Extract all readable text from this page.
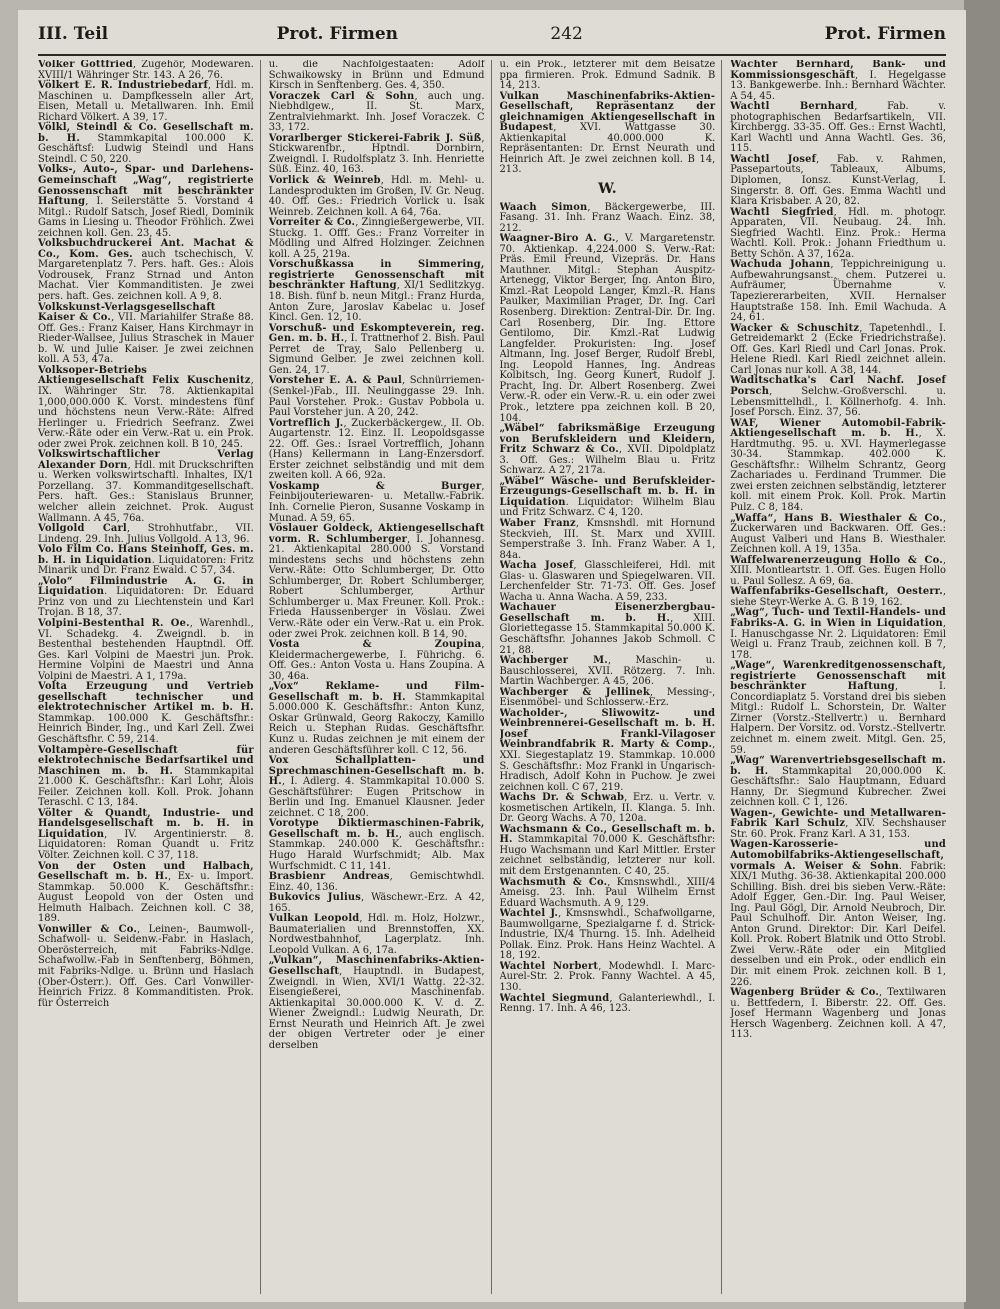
III. Teil	Prot. Firmen	242	Prot. Firmen

Völker Gottfried, Zugehör, Modewaren. XVIII/1 Währinger Str. 143. A 26, 76.

Völkert E. R. Industriebedarf, Hdl. m. Maschinen u. Dampfkesseln aller Art, Eisen, Metall u. Metallwaren. Inh. Emil Richard Völkert. A 39, 17.

Völkl, Steindl & Co. Gesellschaft m. b. H. Stammkapital 100.000 K. Geschäftsf: Ludwig Steindl und Hans Steindl. C 50, 220.

Volks-, Auto-, Spar- und Darlehens-Gemeinschaft „Wag“, registrierte Genossenschaft mit beschränkter Haftung, I. Seilerstätte 5. Vorstand 4 Mitgl.: Rudolf Satsch, Josef Riedl, Dominik Gams in Liesing u. Theodor Fröhlich. Zwei zeichnen koll. Gen. 23, 45.

Volksbuchdruckerei Ant. Machat & Co., Kom. Ges. auch tschechisch, V. Margaretenplatz 7. Pers. haft. Ges.: Alois Vodrousek, Franz Strnad und Anton Machat. Vier Kommanditisten. Je zwei pers. haft. Ges. zeichnen koll. A 9, 8.

Volkskunst-Verlagsgesellschaft Kaiser & Co., VII. Mariahilfer Straße 88. Off. Ges.: Franz Kaiser, Hans Kirchmayr in Rieder-Wallsee, Julius Straschek in Mauer b. W. und Julie Kaiser. Je zwei zeichnen koll. A 53, 47a.

Volksoper-Betriebs Aktiengesellschaft Felix Kuschenitz, IX. Währinger Str. 78. Aktienkapital 1,000,000.000 K. Vorst. mindestens fünf und höchstens neun Verw.-Räte: Alfred Herlinger u. Friedrich Seefranz. Zwei Verw.-Räte oder ein Verw.-Rat u. ein Prok. oder zwei Prok. zeichnen koll. B 10, 245.

Volkswirtschaftlicher Verlag Alexander Dorn, Hdl. mit Druckschriften u. Werken volkswirtschaftl. Inhaltes, IX/1 Porzellang. 37. Kommanditgesellschaft. Pers. haft. Ges.: Stanislaus Brunner, welcher allein zeichnet. Prok. August Wallmann. A 45, 76a.

Vollgold Carl, Strohhutfabr., VII. Lindeng. 29. Inh. Julius Vollgold. A 13, 96.

Volo Film Co. Hans Steinhoff, Ges. m. b. H. in Liquidation. Liquidatoren: Fritz Minarik und Dr. Franz Ewald. C 57, 34.

„Volo“ Filmindustrie A. G. in Liquidation. Liquidatoren: Dr. Eduard Prinz von und zu Liechtenstein und Karl Trojan. B 18, 37.

Volpini-Bestenthal R. Oe., Warenhdl., VI. Schadekg. 4. Zweigndl. b. in Bestenthal bestehenden Hauptndl. Off. Ges. Karl Volpini de Maestri jun. Prok. Hermine Volpini de Maestri und Anna Volpini de Maestri. A 1, 179a.

Volta Erzeugung und Vertrieb gesellschaft technischer und elektrotechnischer Artikel m. b. H. Stammkap. 100.000 K. Geschäftsfhr.: Heinrich Binder, Ing., und Karl Zell. Zwei Geschäftsfhr. C 59, 214.

Voltampère-Gesellschaft für elektrotechnische Bedarfsartikel und Maschinen m. b. H. Stammkapital 21.000 K. Geschäftsfhr.: Karl Lohr, Alois Feiler. Zeichnen koll. Koll. Prok. Johann Teraschl. C 13, 184.

Völter & Quandt, Industrie- und Handelsgesellschaft m. b. H. in Liquidation, IV. Argentinierstr. 8. Liquidatoren: Roman Quandt u. Fritz Völter. Zeichnen koll. C 37, 118.

Von der Osten und Halbach, Gesellschaft m. b. H., Ex- u. Import. Stammkap. 50.000 K. Geschäftsfhr.: August Leopold von der Osten und Helmuth Halbach. Zeichnen koll. C 38, 189.

Vonwiller & Co., Leinen-, Baumwoll-, Schafwoll- u. Seidenw.-Fabr. in Haslach, Oberösterreich, mit Fabriks-Ndlge. Schafwollw.-Fab in Senftenberg, Böhmen, mit Fabriks-Ndlge. u. Brünn und Haslach (Ober-Österr.). Off. Ges. Carl Vonwiller-Heinrich Frizz. 8 Kommanditisten. Prok. für Österreich

u. die Nachfolgestaaten: Adolf Schwaikowsky in Brünn und Edmund Kirsch in Senftenberg. Ges. 4, 350.

Voraczek Carl & Sohn, auch ung. Niebhdlgew., II. St. Marx, Zentralviehmarkt. Inh. Josef Voraczek. C 33, 172.

Vorarlberger Stickerei-Fabrik J. Süß, Stickwarenfbr., Hptndl. Dornbirn, Zweigndl. I. Rudolfsplatz 3. Inh. Henriette Süß. Einz. 40, 163.

Vorlick & Weinreb, Hdl. m. Mehl- u. Landesprodukten im Großen, IV. Gr. Neug. 40. Off. Ges.: Friedrich Vorlick u. Isak Weinreb. Zeichnen koll. A 64, 76a.

Vorreiter & Co., Zinngießergewerbe, VII. Stuckg. 1. Offf. Ges.: Franz Vorreiter in Mödling und Alfred Holzinger. Zeichnen koll. A 25, 219a.

Vorschußkassa in Simmering, registrierte Genossenschaft mit beschränkter Haftung, XI/1 Sedlitzkyg. 18. Bish. fünf b. neun Mitgl.: Franz Hurda, Anton Zure, Jaroslav Kabelac u. Josef Kincl. Gen. 12, 10.

Vorschuß- und Eskompteverein, reg. Gen. m. b. H., I. Trattnerhof 2. Bish. Paul Perret de Tray, Salo Pellenberg u. Sigmund Gelber. Je zwei zeichnen koll. Gen. 24, 17.

Vorsteher E. A. & Paul, Schnürriemen-(Senkel-)Fab., III. Neulinggasse 29. Inh. Paul Vorsteher. Prok.: Gustav Pobbola u. Paul Vorsteher jun. A 20, 242.

Vortreflich J., Zuckerbäckergew., II. Ob. Augartenstr. 12. Einz. II. Leopoldsgasse 22. Off. Ges.: Israel Vortrefflich, Johann (Hans) Kellermann in Lang-Enzersdorf. Erster zeichnet selbständig und mit dem zweiten koll. A 66, 92a.

Voskamp & Burger, Feinbijouteriewaren- u. Metallw.-Fabrik. Inh. Cornelie Pieron, Susanne Voskamp in Munad. A 59, 65.

Vöslauer Goldeck, Aktiengesellschaft vorm. R. Schlumberger, I. Johannesg. 21. Aktienkapital 280.000 S. Vorstand mindestens sechs und höchstens zehn Verw.-Räte: Otto Schlumberger, Dr. Otto Schlumberger, Dr. Robert Schlumberger, Robert Schlumberger, Arthur Schlumberger u. Max Freuner. Koll. Prok.: Frieda Haussenberger in Vöslau. Zwei Verw.-Räte oder ein Verw.-Rat u. ein Prok. oder zwei Prok. zeichnen koll. B 14, 90.

Vosta & Zoupina, Kleidermachergewerbe, I. Führichg. 6. Off. Ges.: Anton Vosta u. Hans Zoupina. A 30, 46a.

„Vox“ Reklame- und Film-Gesellschaft m. b. H. Stammkapital 5.000.000 K. Geschäftsfhr.: Anton Kunz, Oskar Grünwald, Georg Rakoczy, Kamillo Reich u. Stephan Rudas. Geschäftsfhr. Kunz u. Rudas zeichnen je mit einem der anderen Geschäftsführer koll. C 12, 56.

Vox Schallplatten- und Sprechmaschinen-Gesellschaft m. b. H., I. Adlerg. 4. Stammkapital 10.000 S. Geschäftsführer: Eugen Pritschow in Berlin und Ing. Emanuel Klausner. Jeder zeichnet. C 18, 200.

Vorotype Diktiermaschinen-Fabrik, Gesellschaft m. b. H., auch englisch. Stammkap. 240.000 K. Geschäftsfhr.: Hugo Harald Wurfschmidt; Alb. Max Wurfschmidt. C 11, 141.

Brasbienr Andreas, Gemischtwhdl. Einz. 40, 136.

Bukovics Julius, Wäschewr.-Erz. A 42, 165.

Vulkan Leopold, Hdl. m. Holz, Holzwr., Baumaterialien und Brennstoffen, XX. Nordwestbahnhof, Lagerplatz. Inh. Leopold Vulkan. A 6, 17a.

„Vulkan“, Maschinenfabriks-Aktien-Gesellschaft, Hauptndl. in Budapest, Zweigndl. in Wien, XVI/1 Wattg. 22-32. Eisengießerei, Maschinenfab. Aktienkapital 30.000.000 K. V. d. Z. Wiener Zweigndl.: Ludwig Neurath, Dr. Ernst Neurath und Heinrich Aft. Je zwei der obigen Vertreter oder je einer derselben

u. ein Prok., letzterer mit dem Beisatze ppa firmieren. Prok. Edmund Sadnik. B 14, 213.

Vulkan Maschinenfabriks-Aktien-Gesellschaft, Repräsentanz der gleichnamigen Aktiengesellschaft in Budapest, XVI. Wattgasse 30. Aktienkapital 40.000.000 K. Repräsentanten: Dr. Ernst Neurath und Heinrich Aft. Je zwei zeichnen koll. B 14, 213.

W.

Waach Simon, Bäckergewerbe, III. Fasang. 31. Inh. Franz Waach. Einz. 38, 212.

Waagner-Biro A. G., V. Margaretenstr. 70. Aktienkap. 4,224.000 S. Verw.-Rat: Präs. Emil Freund, Vizepräs. Dr. Hans Mauthner. Mitgl.: Stephan Auspitz-Artenegg, Viktor Berger, Ing. Anton Biro, Kmzl.-Rat Leopold Langer, Kmzl.-R. Hans Paulker, Maximilian Prager, Dr. Ing. Carl Rosenberg. Direktion: Zentral-Dir. Dr. Ing. Carl Rosenberg, Dir. Ing. Ettore Gentilomo, Dir. Kmzl.-Rat Ludwig Langfelder. Prokuristen: Ing. Josef Altmann, Ing. Josef Berger, Rudolf Brebl, Ing. Leopold Hannes, Ing. Andreas Kolbitsch, Ing. Georg Kunert, Rudolf J. Pracht, Ing. Dr. Albert Rosenberg. Zwei Verw.-R. oder ein Verw.-R. u. ein oder zwei Prok., letztere ppa zeichnen koll. B 20, 104.

„Wäbel“ fabriksmäßige Erzeugung von Berufskleidern und Kleidern, Fritz Schwarz & Co., XVII. Dipoldplatz 3. Off. Ges.: Wilhelm Blau u. Fritz Schwarz. A 27, 217a.

„Wäbel“ Wäsche- und Berufskleider-Erzeugungs-Gesellschaft m. b. H. in Liquidation. Liquidator: Wilhelm Blau und Fritz Schwarz. C 4, 120.

Waber Franz, Kmsnshdl. mit Hornund Steckvieh, III. St. Marx und XVIII. Semperstraße 3. Inh. Franz Waber. A 1, 84a.

Wacha Josef, Glasschleiferei, Hdl. mit Glas- u. Glaswaren und Spiegelwaren. VII. Lerchenfelder Str. 71-73. Off. Ges. Josef Wacha u. Anna Wacha. A 59, 233.

Wachauer Eisenerzbergbau-Gesellschaft m. b. H., XIII. Gloriettegasse 15. Stammkapital 50.000 K. Geschäftsfhr. Johannes Jakob Schmoll. C 21, 88.

Wachberger M., Maschin- u. Bauschlosserei, XVII. Rötzerg. 7. Inh. Martin Wachberger. A 45, 206.

Wachberger & Jellinek, Messing-, Eisenmöbel- und Schlosserw.-Erz.

Wacholder-, Sliwowitz- und Weinbrennerei-Gesellschaft m. b. H. Josef Frankl-Vilagoser Weinbrandfabrik R. Marty & Comp., XXI. Siegestaplatz 19. Stammkap. 10.000 S. Geschäftsfhr.: Moz Frankl in Ungarisch-Hradisch, Adolf Kohn in Puchow. Je zwei zeichnen koll. C 67, 219.

Wachs Dr. & Schwab, Erz. u. Vertr. v. kosmetischen Artikeln, II. Klanga. 5. Inh. Dr. Georg Wachs. A 70, 120a.

Wachsmann & Co., Gesellschaft m. b. H. Stammkapital 70.000 K. Geschäftsfhr: Hugo Wachsmann und Karl Mittler. Erster zeichnet selbständig, letzterer nur koll. mit dem Erstgenannten. C 40, 25.

Wachsmuth & Co., Kmsnswhdl., XIII/4 Ameisg. 23. Inh. Paul Wilhelm Ernst Eduard Wachsmuth. A 9, 129.

Wachtel J., Kmsnswhdl., Schafwollgarne, Baumwollgarne, Spezialgarne f. d. Strick-Industrie, IX/4 Thurng. 15. Inh. Adelheid Pollak. Einz. Prok. Hans Heinz Wachtel. A 18, 192.

Wachtel Norbert, Modewhdl. I. Marc-Aurel-Str. 2. Prok. Fanny Wachtel. A 45, 130.

Wachtel Siegmund, Galanteriewhdl., I. Renng. 17. Inh. A 46, 123.

Wächter Bernhard, Bank- und Kommissionsgeschäft, I. Hegelgasse 13. Bankgewerbe. Inh.: Bernhard Wächter. A 54, 45.

Wachtl Bernhard, Fab. v. photographischen Bedarfsartikeln, VII. Kirchbergg. 33-35. Off. Ges.: Ernst Wachtl, Karl Wachtl und Anna Wachtl. Ges. 36, 115.

Wachtl Josef, Fab. v. Rahmen, Passepartouts, Tableaux, Albums, Diplomen, Ionsz. Kunst-Verlag, I. Singerstr. 8. Off. Ges. Emma Wachtl und Klara Krisbaber. A 20, 82.

Wachtl Siegfried, Hdl. m. photogr. Apparaten, VII. Neubaug. 24. Inh. Siegfried Wachtl. Einz. Prok.: Herma Wachtl. Koll. Prok.: Johann Friedthum u. Betty Schön. A 37, 162a.

Wachuda Johann, Teppichreinigung u. Aufbewahrungsanst., chem. Putzerei u. Aufräumer, Übernahme v. Tapeziererarbeiten, XVII. Hernalser Hauptstraße 158. Inh. Emil Wachuda. A 24, 61.

Wacker & Schuschitz, Tapetenhdl., I. Getreidemarkt 2 (Ecke Friedrichstraße). Off. Ges. Karl Riedl und Carl Jonas. Prok. Helene Riedl. Karl Riedl zeichnet allein. Carl Jonas nur koll. A 38, 144.

Waditschatka's Carl Nachf. Josef Porsch, Selchw.-Großverschl. u. Lebensmittelhdl., I. Köllnerhofg. 4. Inh. Josef Porsch. Einz. 37, 56.

WAF, Wiener Automobil-Fabrik-Aktiengesellschaft m. b. H., X. Hardtmuthg. 95. u. XVI. Haymerlegasse 30-34. Stammkap. 402.000 K. Geschäftsfhr.: Wilhelm Schrantz, Georg Zachariades u. Ferdinand Trummer. Die zwei ersten zeichnen selbständig, letzterer koll. mit einem Prok. Koll. Prok. Martin Pulz. C 8, 184.

„Waffa“, Hans B. Wiesthaler & Co., Zuckerwaren und Backwaren. Off. Ges.: August Valberi und Hans B. Wiesthaler. Zeichnen koll. A 19, 135a.

Waffelwarenerzeugung Hollo & Co., XIII. Montleartstr. 1. Off. Ges. Eugen Hollo u. Paul Sollesz. A 69, 6a.

Waffenfabriks-Gesellschaft, Oesterr., siehe Steyr-Werke A. G. B 19, 162.

„Wag“, Tuch- und Textil-Handels- und Fabriks-A. G. in Wien in Liquidation, I. Hanuschgasse Nr. 2. Liquidatoren: Emil Weigl u. Franz Traub, zeichnen koll. B 7, 178.

„Wage“, Warenkreditgenossenschaft, registrierte Genossenschaft mit beschränkter Haftung, I. Concordiaplatz 5. Vorstand drei bis sieben Mitgl.: Rudolf L. Schorstein, Dr. Walter Zirner (Vorstz.-Stellvertr.) u. Bernhard Halpern. Der Vorsitz. od. Vorstz.-Stellvertr. zeichnet m. einem zweit. Mitgl. Gen. 25, 59.

„Wag“ Warenvertriebsgesellschaft m. b. H. Stammkapital 20,000.000 K. Geschäftsfhr.: Salo Hauptmann, Eduard Hanny, Dr. Siegmund Kubrecher. Zwei zeichnen koll. C 1, 126.

Wagen-, Gewichte- und Metallwaren-Fabrik Karl Schulz, XIV. Sechshauser Str. 60. Prok. Franz Karl. A 31, 153.

Wagen-Karosserie- und Automobilfabriks-Aktiengesellschaft, vormals A. Weiser & Sohn. Fabrik: XIX/1 Muthg. 36-38. Aktienkapital 200.000 Schilling. Bish. drei bis sieben Verw.-Räte: Adolf Egger, Gen.-Dir. Ing. Paul Weiser, Ing. Paul Gögl, Dir. Arnold Neubroch, Dir. Paul Schulhoff. Dir. Anton Weiser, Ing. Anton Grund. Direktor: Dir. Karl Deifel. Koll. Prok. Robert Blatnik und Otto Strobl. Zwei Verw.-Räte oder ein Mitglied desselben und ein Prok., oder endlich ein Dir. mit einem Prok. zeichnen koll. B 1, 226.

Wagenberg Brüder & Co., Textilwaren u. Bettfedern, I. Biberstr. 22. Off. Ges. Josef Hermann Wagenberg und Jonas Hersch Wagenberg. Zeichnen koll. A 47, 113.
